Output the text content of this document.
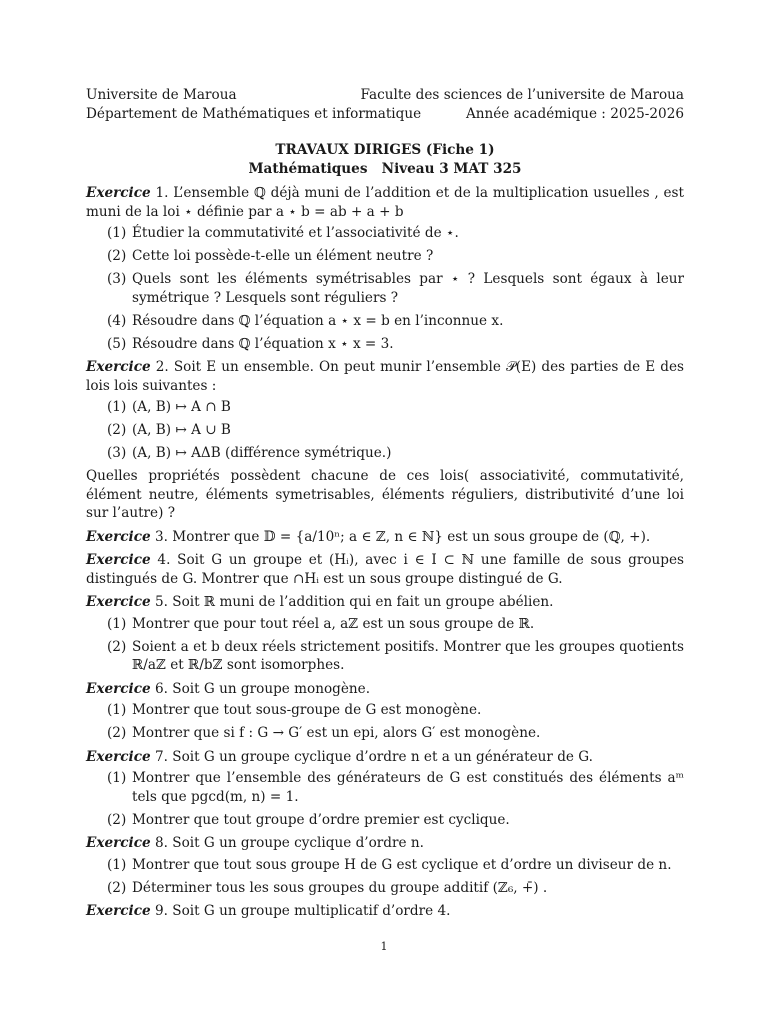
Universite de Maroua	Faculte des sciences de l’universite de Maroua
Département de Mathématiques et informatique	Année académique : 2025-2026
TRAVAUX DIRIGES (Fiche 1)
Mathématiques   Niveau 3 MAT 325
Exercice 1. L’ensemble ℚ déjà muni de l’addition et de la multiplication usuelles , est muni de la loi ⋆ définie par a ⋆ b = ab + a + b
(1) Étudier la commutativité et l’associativité de ⋆.
(2) Cette loi possède-t-elle un élément neutre ?
(3) Quels sont les éléments symétrisables par ⋆ ? Lesquels sont égaux à leur symétrique ? Lesquels sont réguliers ?
(4) Résoudre dans ℚ l’équation a ⋆ x = b en l’inconnue x.
(5) Résoudre dans ℚ l’équation x ⋆ x = 3.
Exercice 2. Soit E un ensemble. On peut munir l’ensemble 𝒫(E) des parties de E des lois lois suivantes :
(1) (A, B) ↦ A ∩ B
(2) (A, B) ↦ A ∪ B
(3) (A, B) ↦ AΔB (différence symétrique.)
Quelles propriétés possèdent chacune de ces lois( associativité, commutativité, élément neutre, éléments symetrisables, éléments réguliers, distributivité d’une loi sur l’autre) ?
Exercice 3. Montrer que 𝔻 = {a/10ⁿ; a ∈ ℤ, n ∈ ℕ} est un sous groupe de (ℚ, +).
Exercice 4. Soit G un groupe et (Hᵢ), avec i ∈ I ⊂ ℕ une famille de sous groupes distingués de G. Montrer que ∩Hᵢ est un sous groupe distingué de G.
Exercice 5. Soit ℝ muni de l’addition qui en fait un groupe abélien.
(1) Montrer que pour tout réel a, aℤ est un sous groupe de ℝ.
(2) Soient a et b deux réels strictement positifs. Montrer que les groupes quotients ℝ/aℤ et ℝ/bℤ sont isomorphes.
Exercice 6. Soit G un groupe monogène.
(1) Montrer que tout sous-groupe de G est monogène.
(2) Montrer que si f : G → G′ est un epi, alors G′ est monogène.
Exercice 7. Soit G un groupe cyclique d’ordre n et a un générateur de G.
(1) Montrer que l’ensemble des générateurs de G est constitués des éléments aᵐ tels que pgcd(m, n) = 1.
(2) Montrer que tout groupe d’ordre premier est cyclique.
Exercice 8. Soit G un groupe cyclique d’ordre n.
(1) Montrer que tout sous groupe H de G est cyclique et d’ordre un diviseur de n.
(2) Déterminer tous les sous groupes du groupe additif (ℤ₆, +̄) .
Exercice 9. Soit G un groupe multiplicatif d’ordre 4.
1
